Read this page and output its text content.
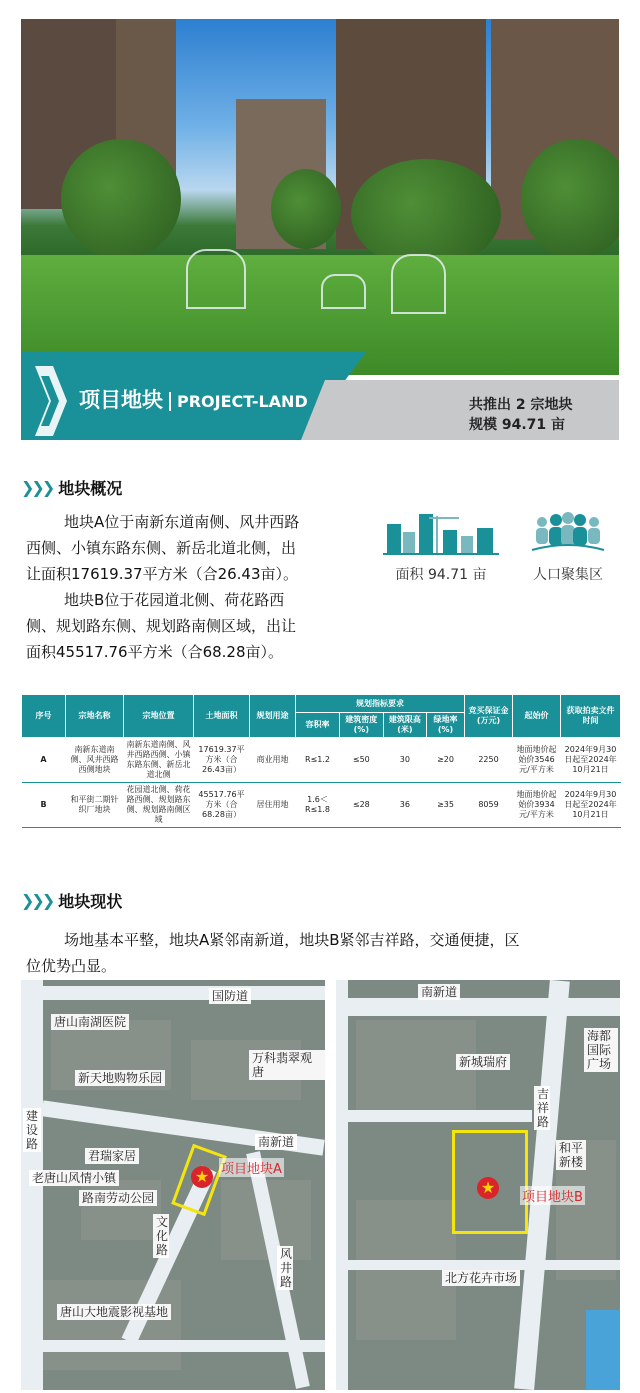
项目地块 PROJECT-LAND	共推出 2 宗地块
规模 94.71 亩
❯❯❯ 地块概况
地块A位于南新东道南侧、风井西路
西侧、小镇东路东侧、新岳北道北侧，出
让面积17619.37平方米（合26.43亩）。
地块B位于花园道北侧、荷花路西
侧、规划路东侧、规划路南侧区域，出让
面积45517.76平方米（合68.28亩）。
面积 94.71 亩	人口聚集区
序号	宗地名称	宗地位置	土地面积	规划用途	规划指标要求				竞买保证金(万元)	起始价	获取拍卖文件时间
					容积率	建筑密度(%)	建筑限高(米)	绿地率(%)			
A	南新东道南侧、风井西路西侧地块	南新东道南侧、风井西路西侧、小镇东路东侧、新岳北道北侧	17619.37平方米（合 26.43亩）	商业用地	R≤1.2	≤50	30	≥20	2250	地面地价起始价3546元/平方米	2024年9月30日起至2024年10月21日
B	和平街二期针织厂地块	花园道北侧、荷花路西侧、规划路东侧、规划路南侧区域	45517.76平方米（合 68.28亩）	居住用地	1.6＜R≤1.8	≤28	36	≥35	8059	地面地价起始价3934元/平方米	2024年9月30日起至2024年10月21日
❯❯❯ 地块现状
场地基本平整，地块A紧邻南新道，地块B紧邻吉祥路，交通便捷，区
位优势凸显。
★ 项目地块A
国防道
唐山南湖医院
万科翡翠观唐
新天地购物乐园
建设路
君瑞家居
南新道
老唐山风情小镇
路南劳动公园
文化路	风井路
唐山大地震影视基地
★
项目地块B
南新道
新城瑞府
海都国际广场
吉祥路
和平新楼
北方花卉市场
